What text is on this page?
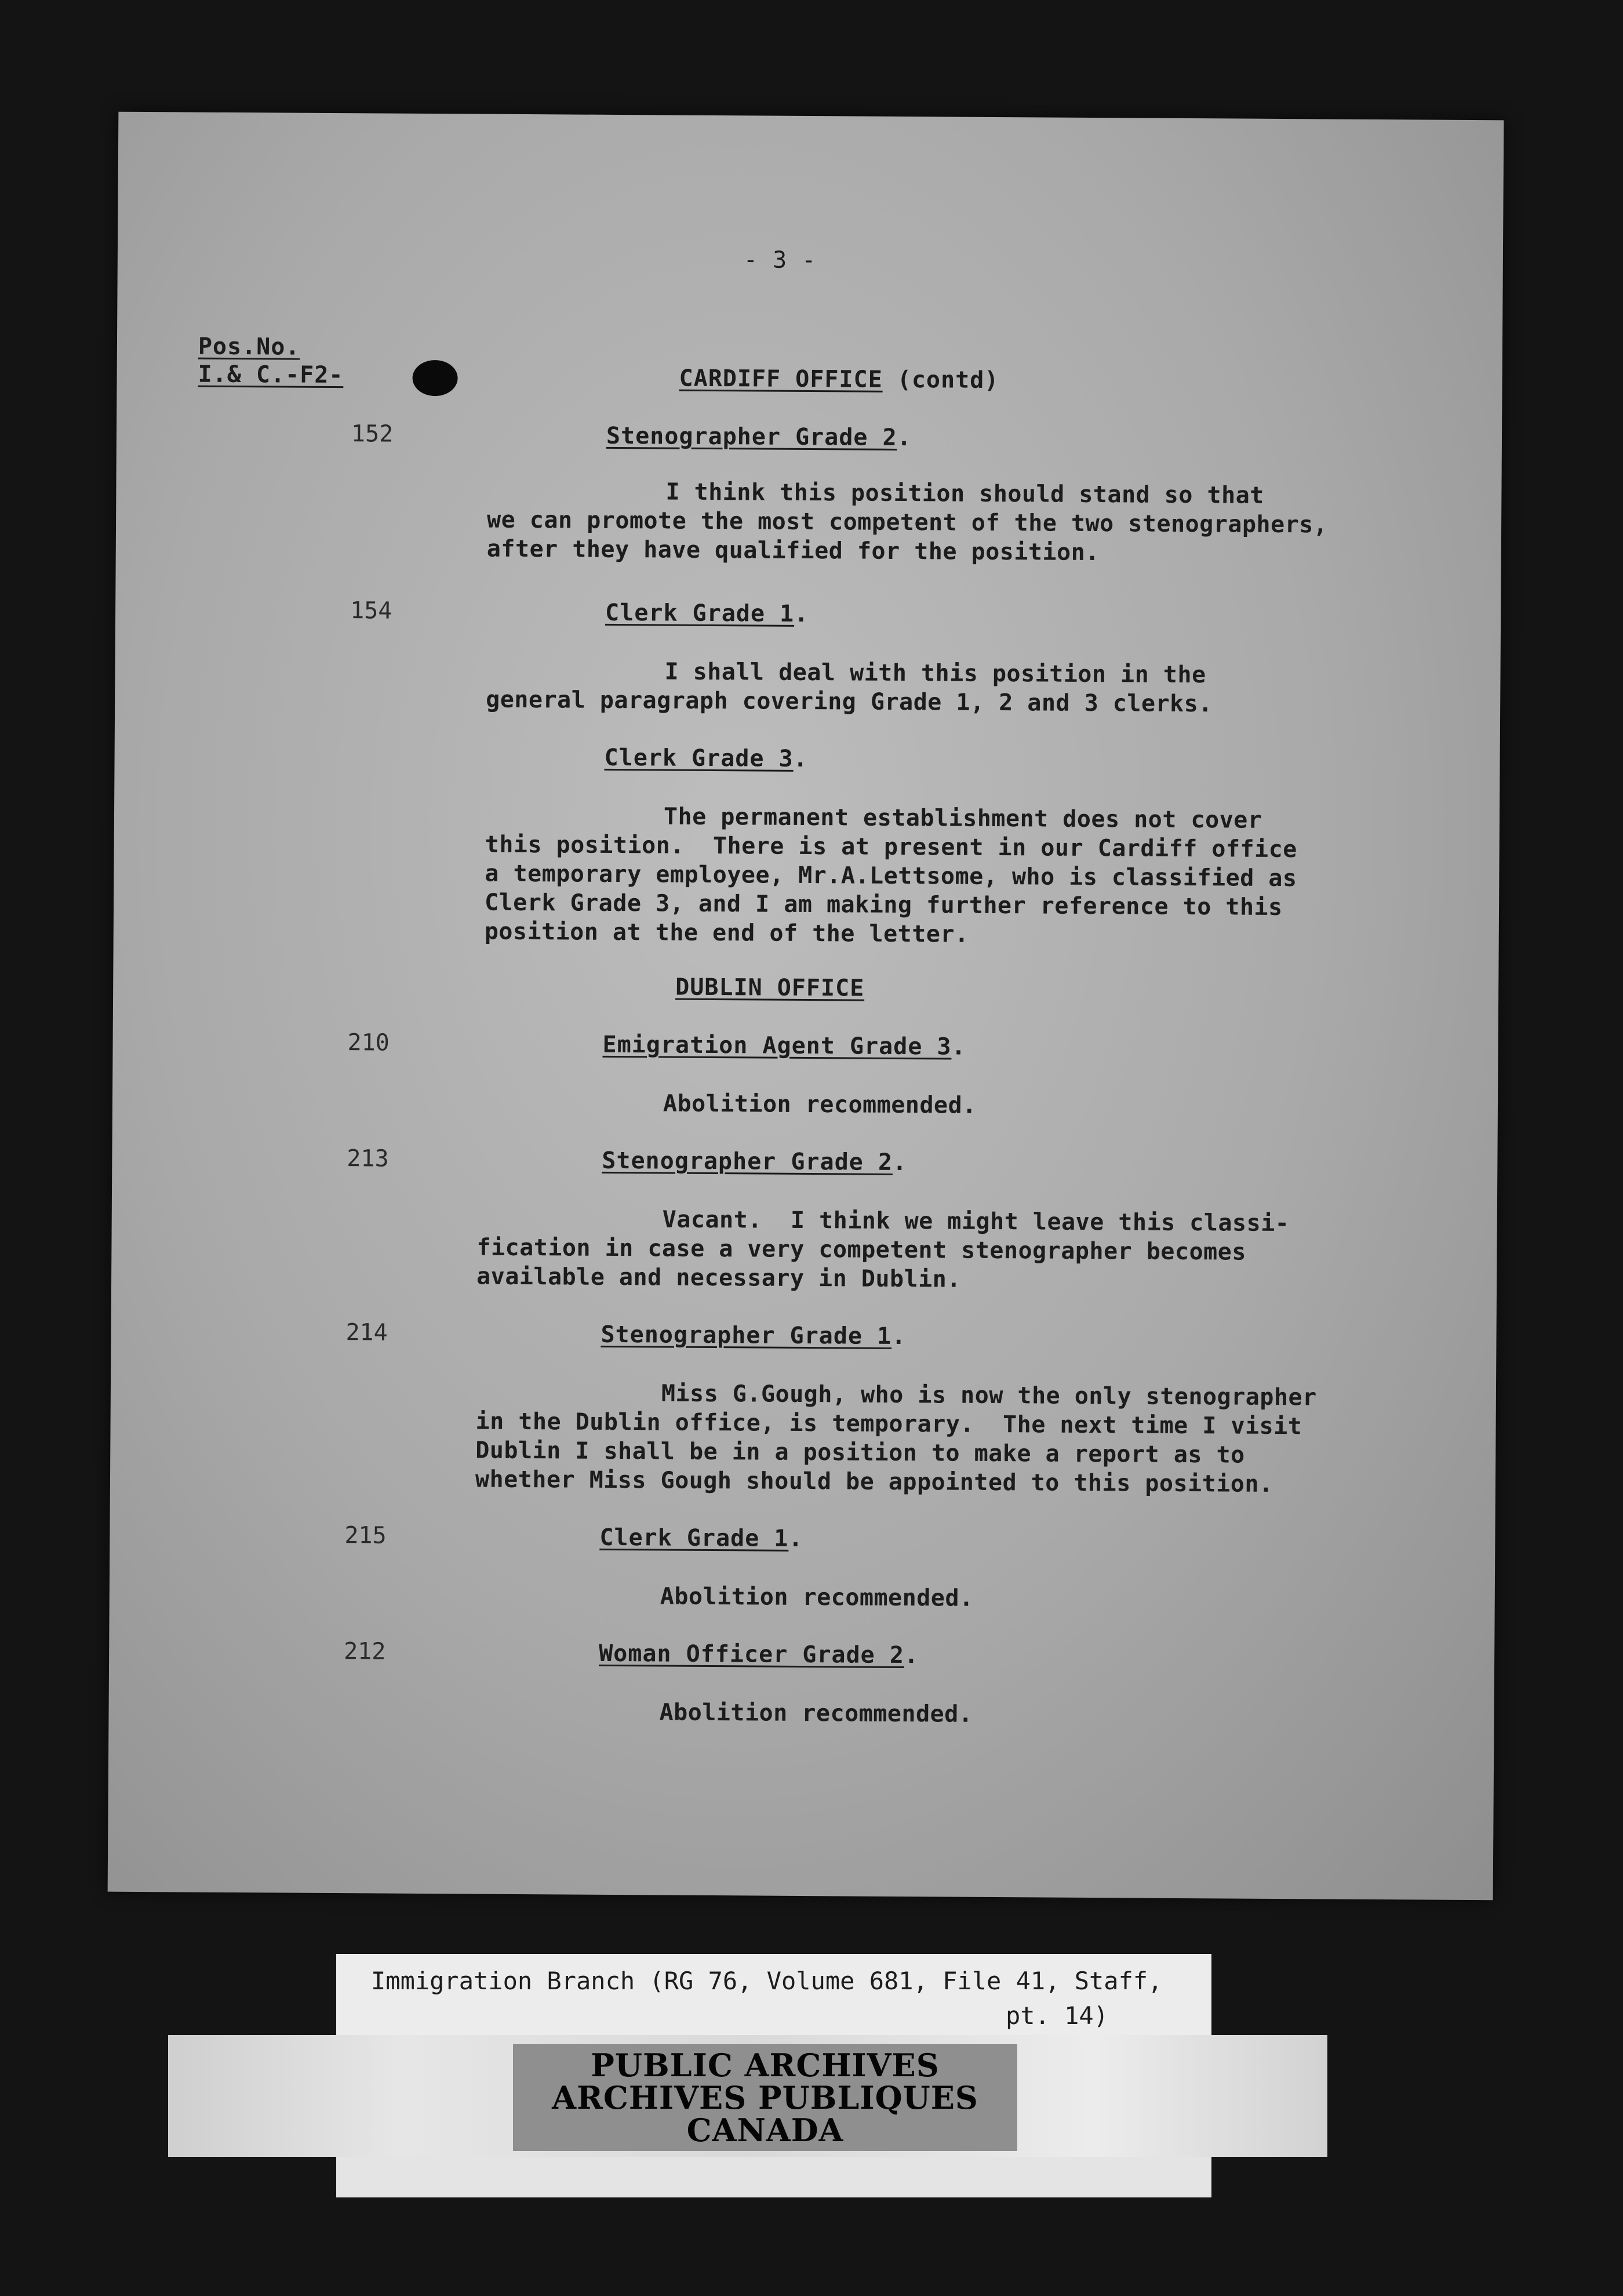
- 3 -
Pos.No.
I.& C.-F2-	CARDIFF OFFICE (contd)
152	Stenographer Grade 2.
I think this position should stand so that
we can promote the most competent of the two stenographers,
after they have qualified for the position.
154	Clerk Grade 1.
I shall deal with this position in the
general paragraph covering Grade 1, 2 and 3 clerks.
Clerk Grade 3.
The permanent establishment does not cover
this position.  There is at present in our Cardiff office
a temporary employee, Mr.A.Lettsome, who is classified as
Clerk Grade 3, and I am making further reference to this
position at the end of the letter.
DUBLIN OFFICE
210	Emigration Agent Grade 3.
Abolition recommended.
213	Stenographer Grade 2.
Vacant.  I think we might leave this classi-
fication in case a very competent stenographer becomes
available and necessary in Dublin.
214	Stenographer Grade 1.
Miss G.Gough, who is now the only stenographer
in the Dublin office, is temporary.  The next time I visit
Dublin I shall be in a position to make a report as to
whether Miss Gough should be appointed to this position.
215	Clerk Grade 1.
Abolition recommended.
212	Woman Officer Grade 2.
Abolition recommended.
Immigration Branch (RG 76, Volume 681, File 41, Staff,
pt. 14)
PUBLIC ARCHIVES
ARCHIVES PUBLIQUES
CANADA
